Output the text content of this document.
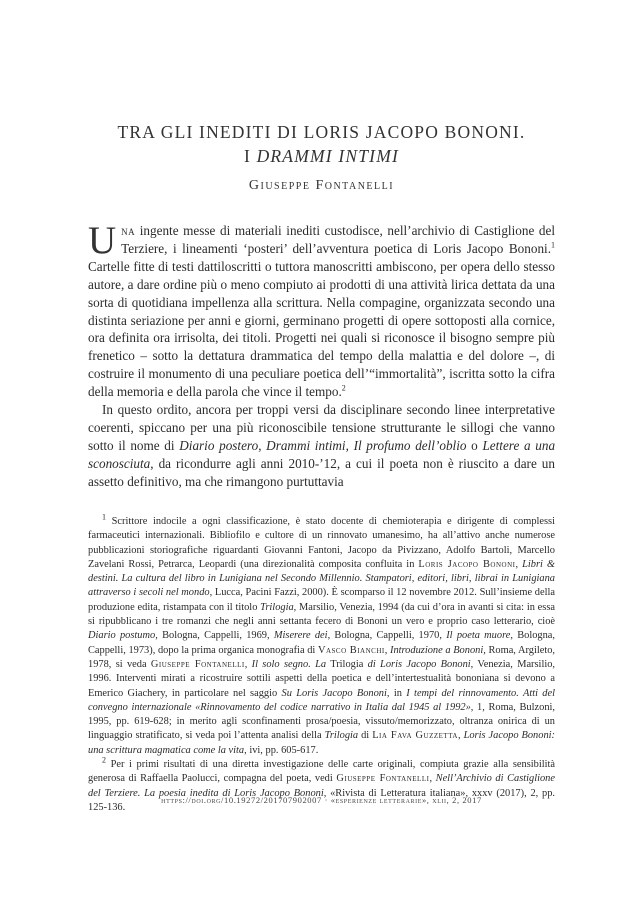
TRA GLI INEDITI DI LORIS JACOPO BONONI.
I DRAMMI INTIMI
Giuseppe Fontanelli

Una ingente messe di materiali inediti custodisce, nell’archivio di Castiglione del Terziere, i lineamenti ‘posteri’ dell’avventura poetica di Loris Jacopo Bononi.$^1$ Cartelle fitte di testi dattiloscritti o tuttora manoscritti ambiscono, per opera dello stesso autore, a dare ordine più o meno compiuto ai prodotti di una attività lirica dettata da una sorta di quotidiana impellenza alla scrittura. Nella compagine, organizzata secondo una distinta seriazione per anni e giorni, germinano progetti di opere sottoposti alla cornice, ora definita ora irrisolta, dei titoli. Progetti nei quali si riconosce il bisogno sempre più frenetico – sotto la dettatura drammatica del tempo della malattia e del dolore –, di costruire il monumento di una peculiare poetica dell’“immortalità”, iscritta sotto la cifra della memoria e della parola che vince il tempo.$^2$

In questo ordito, ancora per troppi versi da disciplinare secondo linee interpretative coerenti, spiccano per una più riconoscibile tensione strutturante le sillogi che vanno sotto il nome di Diario postero, Drammi intimi, Il profumo dell’oblio o Lettere a una sconosciuta, da ricondurre agli anni 2010-’12, a cui il poeta non è riuscito a dare un assetto definitivo, ma che rimangono purtuttavia

$^1$ Scrittore indocile a ogni classificazione, è stato docente di chemioterapia e dirigente di complessi farmaceutici internazionali. Bibliofilo e cultore di un rinnovato umanesimo, ha all’attivo anche numerose pubblicazioni storiografiche riguardanti Giovanni Fantoni, Jacopo da Pivizzano, Adolfo Bartoli, Marcello Zavelani Rossi, Petrarca, Leopardi (una direzionalità composita confluita in Loris Jacopo Bononi, Libri & destini. La cultura del libro in Lunigiana nel Secondo Millennio. Stampatori, editori, libri, librai in Lunigiana attraverso i secoli nel mondo, Lucca, Pacini Fazzi, 2000). È scomparso il 12 novembre 2012. Sull’insieme della produzione edita, ristampata con il titolo Trilogia, Marsilio, Venezia, 1994 (da cui d’ora in avanti si cita: in essa si ripubblicano i tre romanzi che negli anni settanta fecero di Bononi un vero e proprio caso letterario, cioè Diario postumo, Bologna, Cappelli, 1969, Miserere dei, Bologna, Cappelli, 1970, Il poeta muore, Bologna, Cappelli, 1973), dopo la prima organica monografia di Vasco Bianchi, Introduzione a Bononi, Roma, Argileto, 1978, si veda Giuseppe Fontanelli, Il solo segno. La Trilogia di Loris Jacopo Bononi, Venezia, Marsilio, 1996. Interventi mirati a ricostruire sottili aspetti della poetica e dell’intertestualità bononiana si devono a Emerico Giachery, in particolare nel saggio Su Loris Jacopo Bononi, in I tempi del rinnovamento. Atti del convegno internazionale «Rinnovamento del codice narrativo in Italia dal 1945 al 1992», 1, Roma, Bulzoni, 1995, pp. 619-628; in merito agli sconfinamenti prosa/poesia, vissuto/memorizzato, oltranza onirica di un linguaggio stratificato, si veda poi l’attenta analisi della Trilogia di Lia Fava Guzzetta, Loris Jacopo Bononi: una scrittura magmatica come la vita, ivi, pp. 605-617.

$^2$ Per i primi risultati di una diretta investigazione delle carte originali, compiuta grazie alla sensibilità generosa di Raffaella Paolucci, compagna del poeta, vedi Giuseppe Fontanelli, Nell’Archivio di Castiglione del Terziere. La poesia inedita di Loris Jacopo Bononi, «Rivista di Letteratura italiana», xxxv (2017), 2, pp. 125-136.

https://doi.org/10.19272/201707902007 · «esperienze letterarie», xlii, 2, 2017
